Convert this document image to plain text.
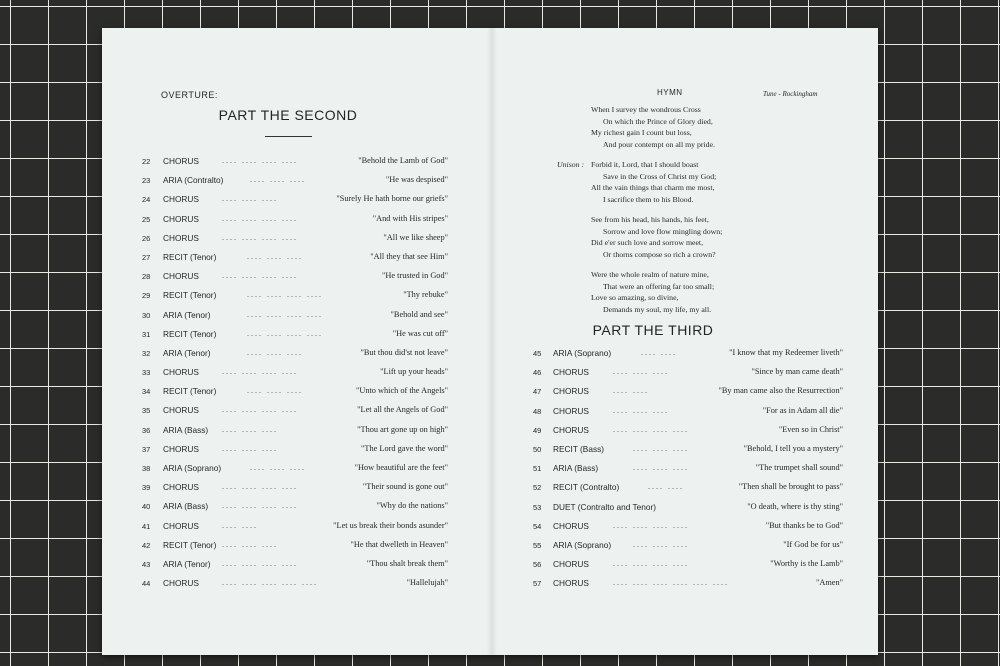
OVERTURE:
PART THE SECOND
22	CHORUS	.... .... .... ....	"Behold the Lamb of God"
23	ARIA (Contralto)	.... .... ....	"He was despised"
24	CHORUS	.... .... ....	"Surely He hath borne our griefs"
25	CHORUS	.... .... .... ....	"And with His stripes"
26	CHORUS	.... .... .... ....	"All we like sheep"
27	RECIT (Tenor)	.... .... ....	"All they that see Him"
28	CHORUS	.... .... .... ....	"He trusted in God"
29	RECIT (Tenor)	.... .... .... ....	"Thy rebuke"
30	ARIA (Tenor)	.... .... .... ....	"Behold and see"
31	RECIT (Tenor)	.... .... .... ....	"He was cut off"
32	ARIA (Tenor)	.... .... ....	"But thou did'st not leave"
33	CHORUS	.... .... .... ....	"Lift up your heads"
34	RECIT (Tenor)	.... .... ....	"Unto which of the Angels"
35	CHORUS	.... .... .... ....	"Let all the Angels of God"
36	ARIA (Bass) .... .... ....	"Thou art gone up on high"
37	CHORUS	.... .... ....	"The Lord gave the word"
38	ARIA (Soprano)	.... .... ....	"How beautiful are the feet"
39	CHORUS	.... .... .... ....	"Their sound is gone out"
40	ARIA (Bass) .... .... .... ....	"Why do the nations"
41	CHORUS	.... ....	"Let us break their bonds asunder"
42	RECIT (Tenor) .... .... ....	"He that dwelleth in Heaven"
43	ARIA (Tenor) .... .... .... ....	"Thou shalt break them"
44	CHORUS	.... .... .... .... ....	"Hallelujah"
HYMN	Tune - Rockingham
When I survey the wondrous Cross
On which the Prince of Glory died,
My richest gain I count but loss,
And pour contempt on all my pride.
Unison : Forbid it, Lord, that I should boast
Save in the Cross of Christ my God;
All the vain things that charm me most,
I sacrifice them to his Blood.
See from his head, his hands, his feet,
Sorrow and love flow mingling down;
Did e'er such love and sorrow meet,
Or thorns compose so rich a crown?
Were the whole realm of nature mine,
That were an offering far too small;
Love so amazing, so divine,
Demands my soul, my life, my all.
PART THE THIRD
45	ARIA (Soprano)	.... ....	"I know that my Redeemer liveth"
46	CHORUS	.... .... ....	"Since by man came death"
47	CHORUS	.... ....	"By man came also the Resurrection"
48	CHORUS	.... .... ....	"For as in Adam all die"
49	CHORUS	.... .... .... ....	"Even so in Christ"
50	RECIT (Bass)	.... .... ....	"Behold, I tell you a mystery"
51	ARIA (Bass)	.... .... ....	"The trumpet shall sound"
52	RECIT (Contralto)	.... ....	"Then shall be brought to pass"
53	DUET (Contralto and Tenor)	"O death, where is thy sting"
54	CHORUS	.... .... .... ....	"But thanks be to God"
55	ARIA (Soprano)	.... .... ....	"If God be for us"
56	CHORUS	.... .... .... ....	"Worthy is the Lamb"
57	CHORUS	.... .... .... .... .... ....	"Amen"
